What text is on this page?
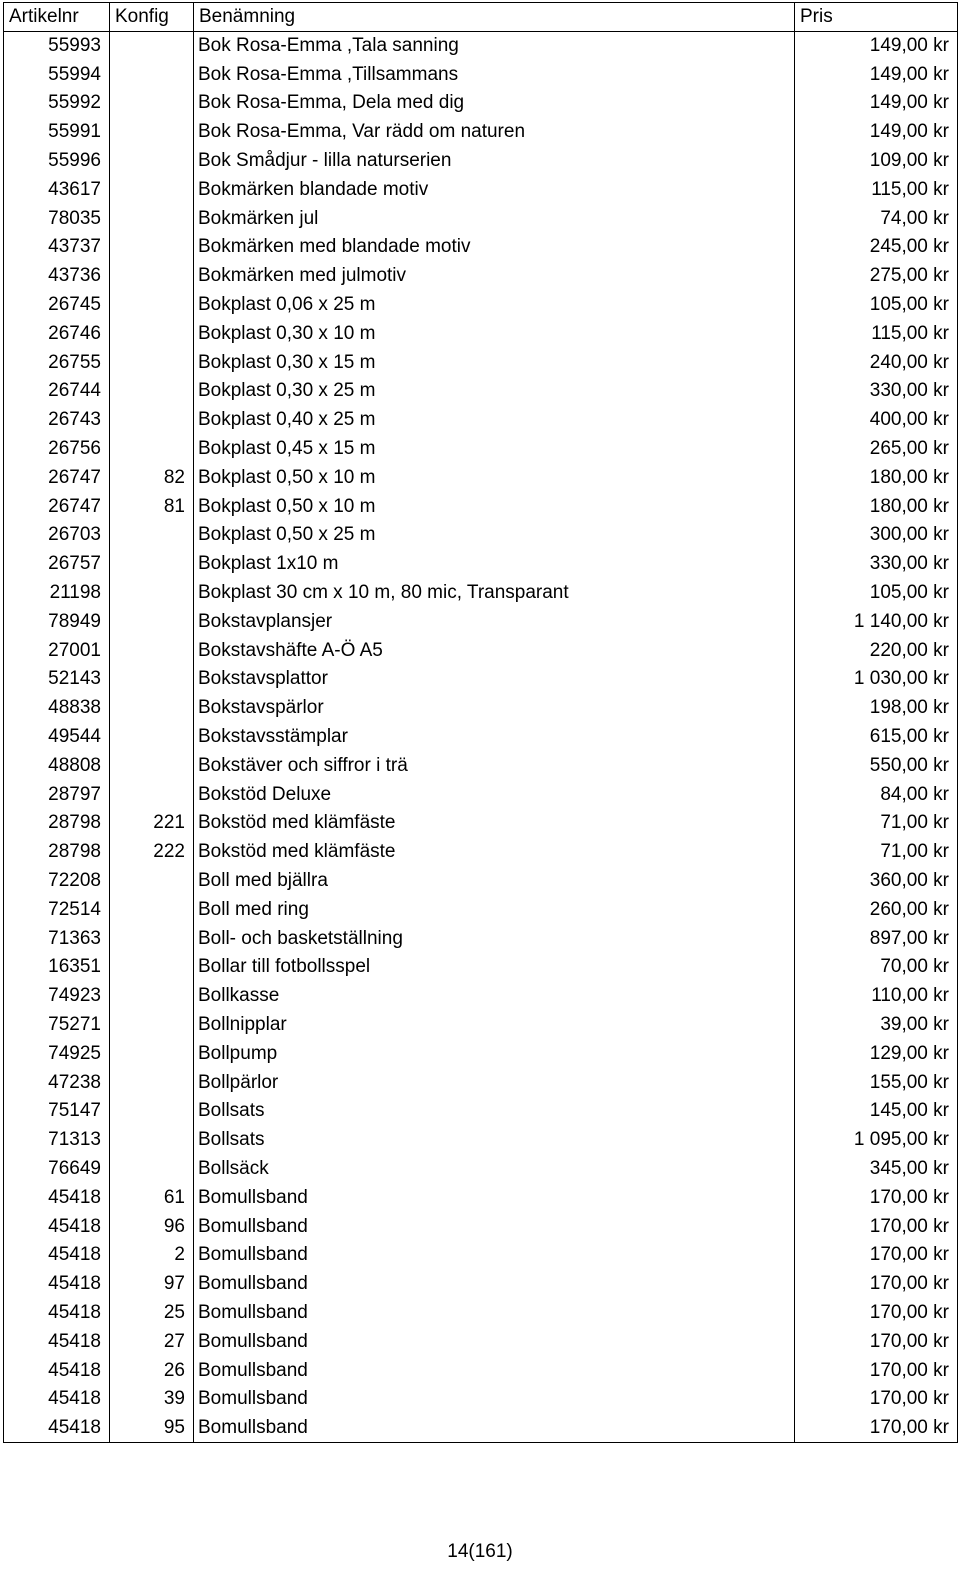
Artikelnr	Konfig	Benämning	Pris
55993		Bok Rosa-Emma ,Tala sanning	149,00 kr
55994		Bok Rosa-Emma ,Tillsammans	149,00 kr
55992		Bok Rosa-Emma, Dela med dig	149,00 kr
55991		Bok Rosa-Emma, Var rädd om naturen	149,00 kr
55996		Bok Smådjur - lilla naturserien	109,00 kr
43617		Bokmärken blandade motiv	115,00 kr
78035		Bokmärken jul	74,00 kr
43737		Bokmärken med blandade motiv	245,00 kr
43736		Bokmärken med julmotiv	275,00 kr
26745		Bokplast 0,06 x 25 m	105,00 kr
26746		Bokplast 0,30 x 10 m	115,00 kr
26755		Bokplast 0,30 x 15 m	240,00 kr
26744		Bokplast 0,30 x 25 m	330,00 kr
26743		Bokplast 0,40 x 25 m	400,00 kr
26756		Bokplast 0,45 x 15 m	265,00 kr
26747	82	Bokplast 0,50 x 10 m	180,00 kr
26747	81	Bokplast 0,50 x 10 m	180,00 kr
26703		Bokplast 0,50 x 25 m	300,00 kr
26757		Bokplast 1x10 m	330,00 kr
21198		Bokplast 30 cm x 10 m, 80 mic, Transparant	105,00 kr
78949		Bokstavplansjer	1 140,00 kr
27001		Bokstavshäfte A-Ö A5	220,00 kr
52143		Bokstavsplattor	1 030,00 kr
48838		Bokstavspärlor	198,00 kr
49544		Bokstavsstämplar	615,00 kr
48808		Bokstäver och siffror i trä	550,00 kr
28797		Bokstöd Deluxe	84,00 kr
28798	221	Bokstöd med klämfäste	71,00 kr
28798	222	Bokstöd med klämfäste	71,00 kr
72208		Boll med bjällra	360,00 kr
72514		Boll med ring	260,00 kr
71363		Boll- och basketställning	897,00 kr
16351		Bollar till fotbollsspel	70,00 kr
74923		Bollkasse	110,00 kr
75271		Bollnipplar	39,00 kr
74925		Bollpump	129,00 kr
47238		Bollpärlor	155,00 kr
75147		Bollsats	145,00 kr
71313		Bollsats	1 095,00 kr
76649		Bollsäck	345,00 kr
45418	61	Bomullsband	170,00 kr
45418	96	Bomullsband	170,00 kr
45418	2	Bomullsband	170,00 kr
45418	97	Bomullsband	170,00 kr
45418	25	Bomullsband	170,00 kr
45418	27	Bomullsband	170,00 kr
45418	26	Bomullsband	170,00 kr
45418	39	Bomullsband	170,00 kr
45418	95	Bomullsband	170,00 kr
14(161)
